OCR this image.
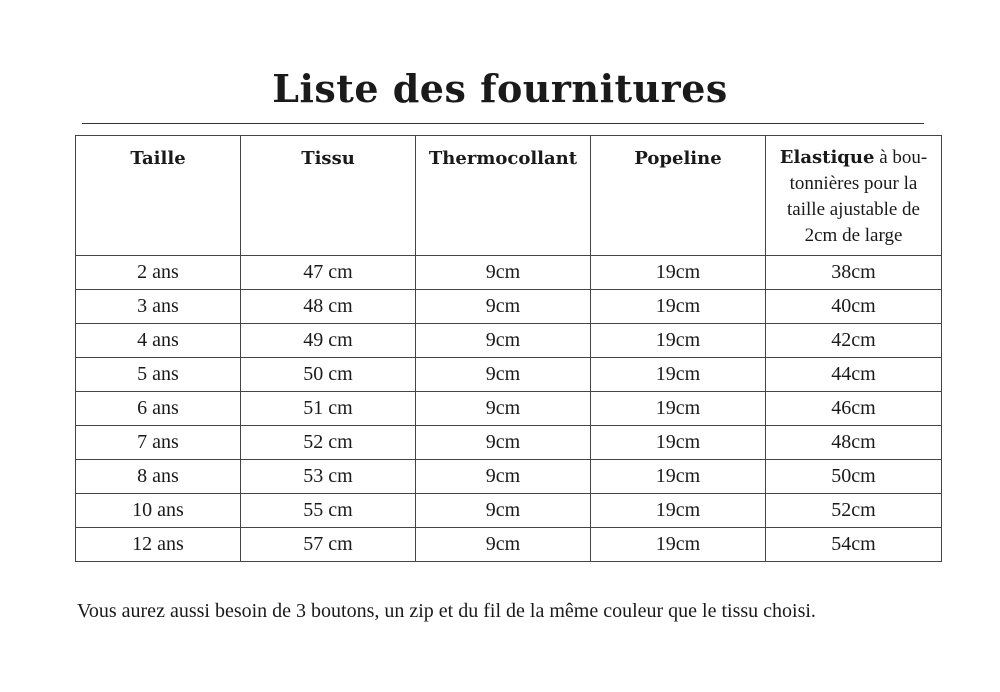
Liste des fournitures
Taille	Tissu	Thermocollant	Popeline	Elastique à bou-tonnières pour la taille ajustable de 2cm de large
2 ans	47 cm	9cm	19cm	38cm
3 ans	48 cm	9cm	19cm	40cm
4 ans	49 cm	9cm	19cm	42cm
5 ans	50 cm	9cm	19cm	44cm
6 ans	51 cm	9cm	19cm	46cm
7 ans	52 cm	9cm	19cm	48cm
8 ans	53 cm	9cm	19cm	50cm
10 ans	55 cm	9cm	19cm	52cm
12 ans	57 cm	9cm	19cm	54cm
Vous aurez aussi besoin de 3 boutons, un zip et du fil de la même couleur que le tissu choisi.
